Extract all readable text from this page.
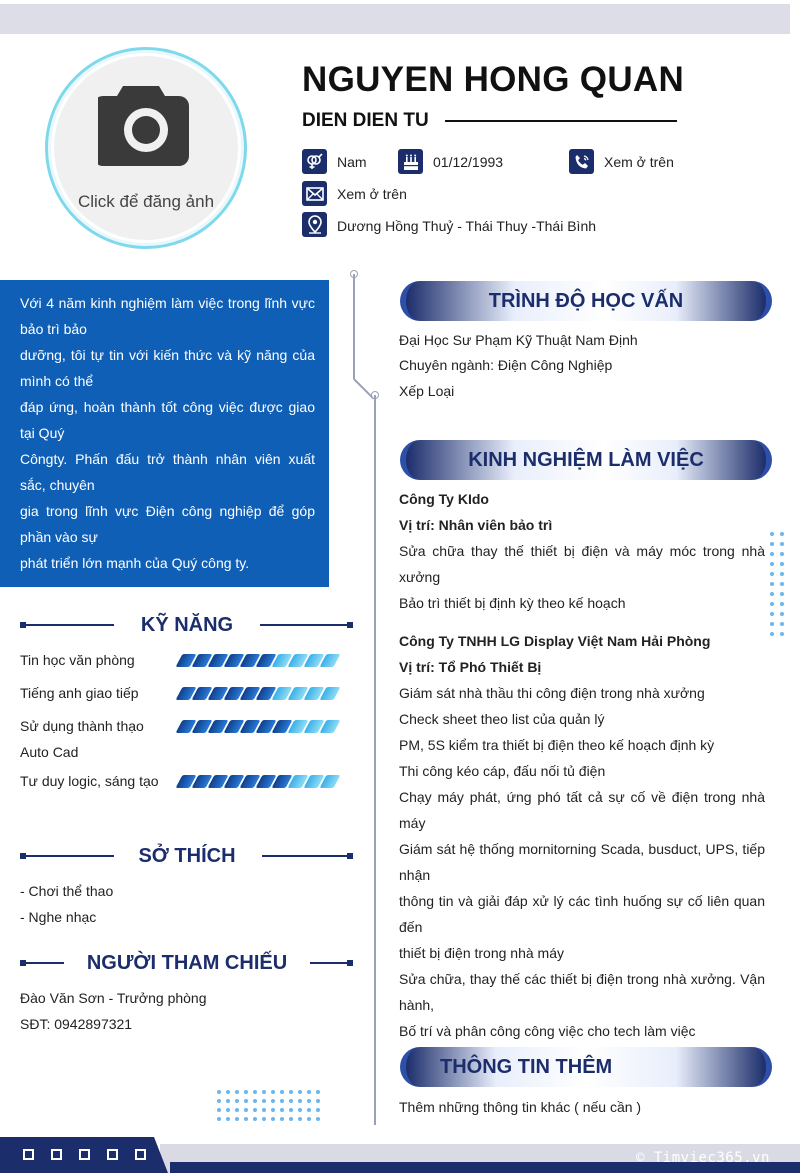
Click để đăng ảnh
NGUYEN HONG QUAN
DIEN DIEN TU
Nam	01/12/1993	Xem ở trên
Xem ở trên
Dương Hồng Thuỷ - Thái Thuy -Thái Bình

Với 4 năm kinh nghiệm làm việc trong lĩnh vực bảo trì bảo

dưỡng, tôi tự tin với kiến thức và kỹ năng của mình có thể

đáp ứng, hoàn thành tốt công việc được giao tại Quý

Côngty. Phấn đấu trở thành nhân viên xuất sắc, chuyên

gia trong lĩnh vực Điện công nghiệp để góp phần vào sự

phát triển lớn mạnh của Quý công ty.

KỸ NĂNG
Tin học văn phòng
Tiếng anh giao tiếp
Sử dụng thành thạo Auto Cad
Tư duy logic, sáng tạo
SỞ THÍCH
- Chơi thể thao
- Nghe nhạc
NGƯỜI THAM CHIẾU
Đào Văn Sơn - Trưởng phòng
SĐT: 0942897321
TRÌNH ĐỘ HỌC VẤN
Đại Học Sư Phạm Kỹ Thuật Nam Định
Chuyên ngành: Điện Công Nghiệp
Xếp Loại
KINH NGHIỆM LÀM VIỆC
Công Ty KIdo
Vị trí: Nhân viên bảo trì
Sửa chữa thay thế thiết bị điện và máy móc trong nhà xưởng
Bảo trì thiết bị định kỳ theo kế hoạch
Công Ty TNHH LG Display Việt Nam Hải Phòng
Vị trí: Tổ Phó Thiết Bị
Giám sát nhà thầu thi công điện trong nhà xưởng
Check sheet theo list của quản lý
PM, 5S kiểm tra thiết bị điện theo kế hoạch định kỳ
Thi công kéo cáp, đấu nối tủ điện
Chạy máy phát, ứng phó tất cả sự cố về điện trong nhà máy
Giám sát hệ thống mornitorning Scada, busduct, UPS, tiếp nhận
thông tin và giải đáp xử lý các tình huống sự cố liên quan đến
thiết bị điện trong nhà máy
Sửa chữa, thay thế các thiết bị điện trong nhà xưởng. Vận hành,
Bố trí và phân công công việc cho tech làm việc
THÔNG TIN THÊM
Thêm những thông tin khác ( nếu cần )
© Timviec365.vn
